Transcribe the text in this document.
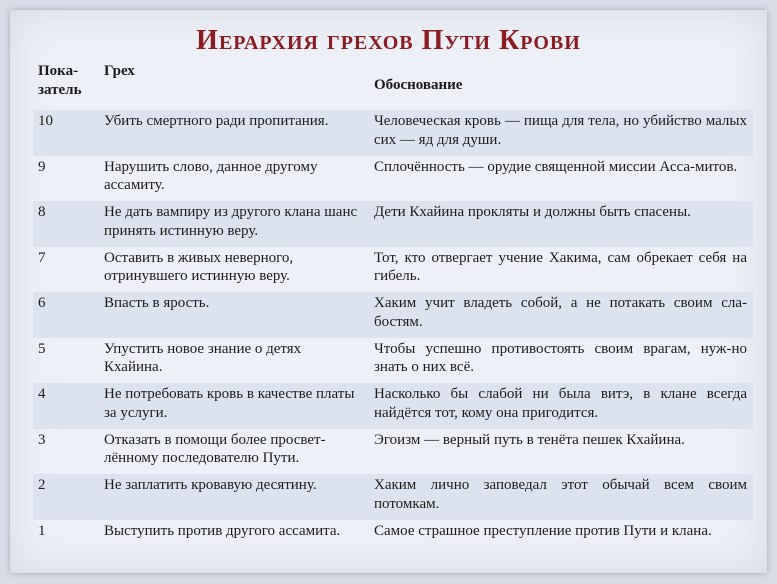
Иерархия грехов Пути Крови
Пока-
затель	Грех	Обоснование
10	Убить смертного ради пропитания.	Человеческая кровь — пища для тела, но убийство малых сих — яд для души.
9	Нарушить слово, данное другому ассамиту.	Сплочённость — орудие священной миссии Асса-митов.
8	Не дать вампиру из другого клана шанс принять истинную веру.	Дети Кхайина прокляты и должны быть спасены.
7	Оставить в живых неверного, отринувшего истинную веру.	Тот, кто отвергает учение Хакима, сам обрекает себя на гибель.
6	Впасть в ярость.	Хаким учит владеть собой, а не потакать своим сла-бостям.
5	Упустить новое знание о детях Кхайина.	Чтобы успешно противостоять своим врагам, нуж-но знать о них всё.
4	Не потребовать кровь в качестве платы за услуги.	Насколько бы слабой ни была витэ, в клане всегда найдётся тот, кому она пригодится.
3	Отказать в помощи более просвет-лённому последователю Пути.	Эгоизм — верный путь в тенёта пешек Кхайина.
2	Не заплатить кровавую десятину.	Хаким лично заповедал этот обычай всем своим потомкам.
1	Выступить против другого ассамита.	Самое страшное преступление против Пути и клана.
